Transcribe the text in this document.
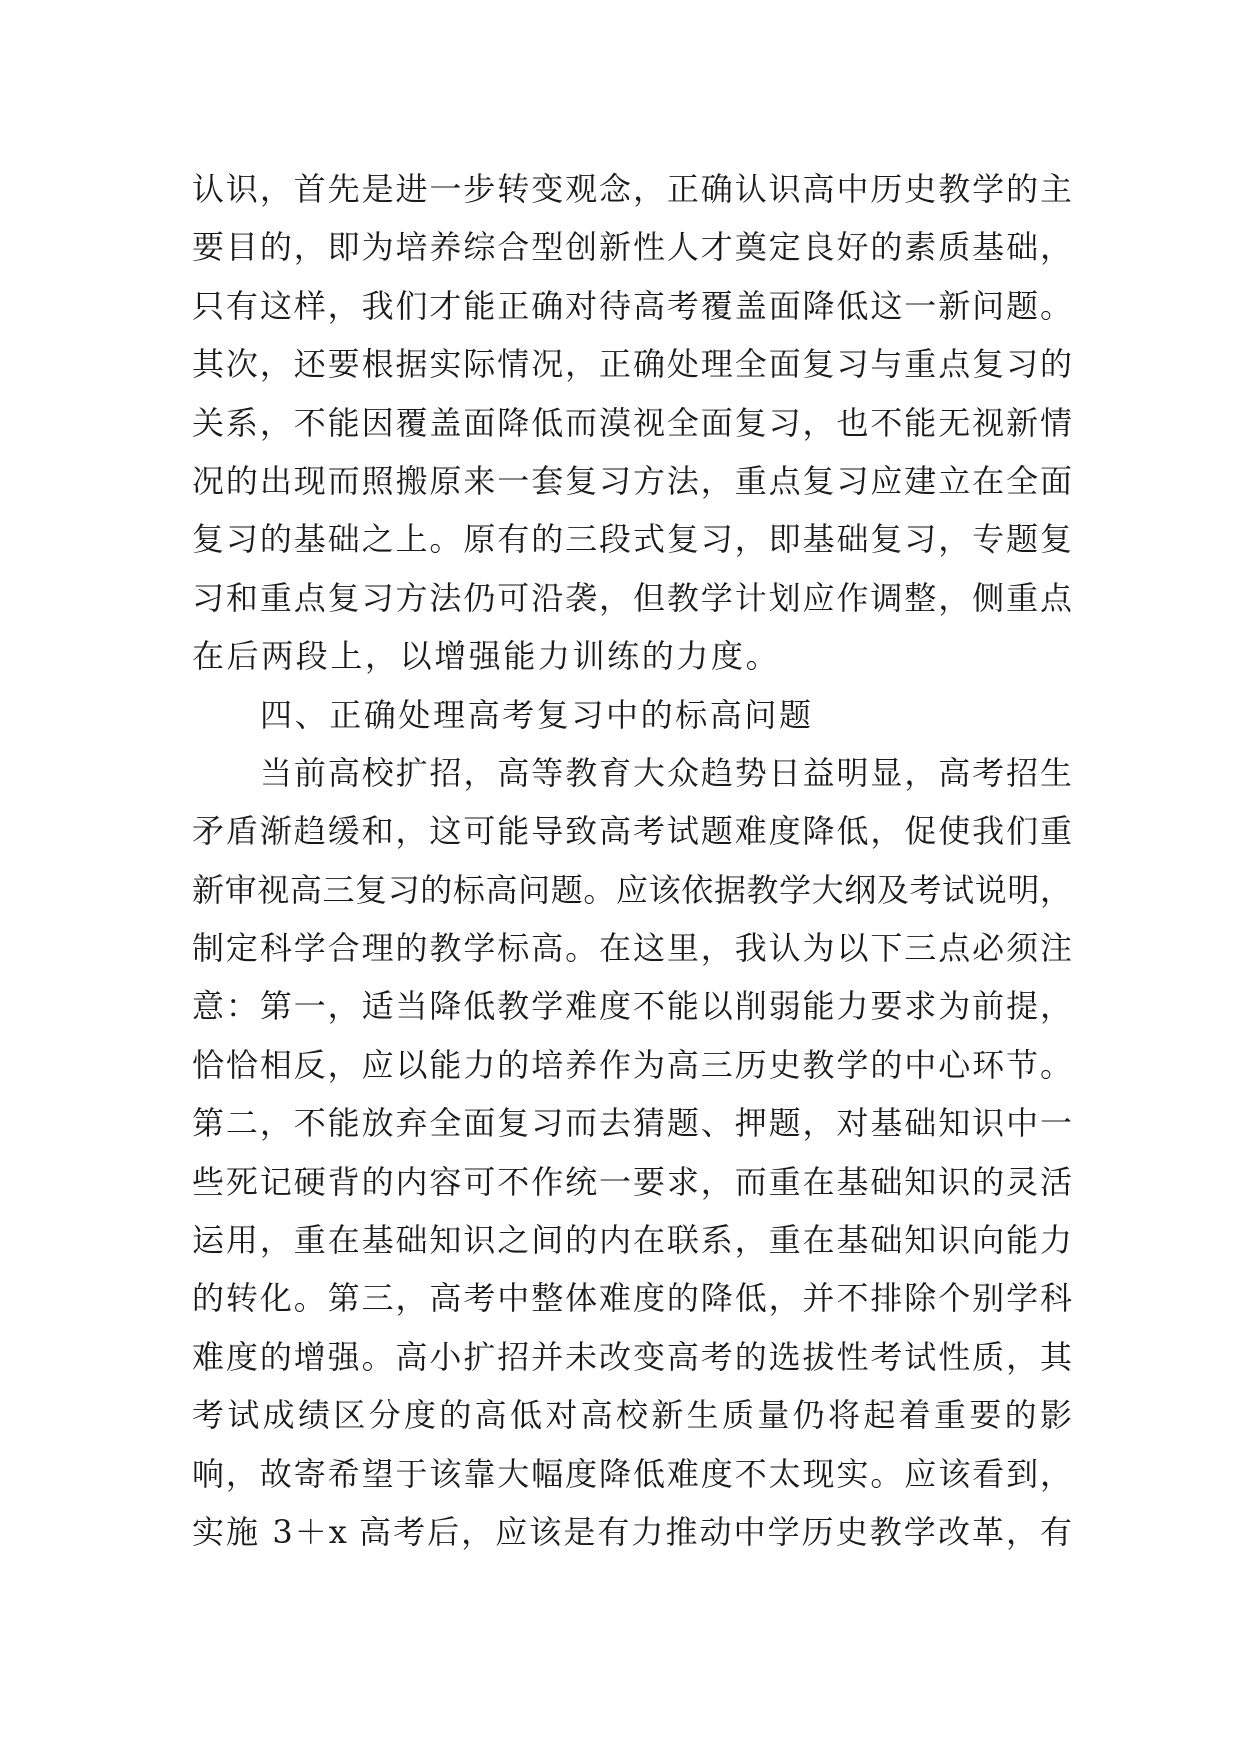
认识，首先是进一步转变观念，正确认识高中历史教学的主
要目的，即为培养综合型创新性人才奠定良好的素质基础，
只有这样，我们才能正确对待高考覆盖面降低这一新问题。
其次，还要根据实际情况，正确处理全面复习与重点复习的
关系，不能因覆盖面降低而漠视全面复习，也不能无视新情
况的出现而照搬原来一套复习方法，重点复习应建立在全面
复习的基础之上。原有的三段式复习，即基础复习，专题复
习和重点复习方法仍可沿袭，但教学计划应作调整，侧重点
在后两段上，以增强能力训练的力度。
四、正确处理高考复习中的标高问题
当前高校扩招，高等教育大众趋势日益明显，高考招生
矛盾渐趋缓和，这可能导致高考试题难度降低，促使我们重
新审视高三复习的标高问题。应该依据教学大纲及考试说明，
制定科学合理的教学标高。在这里，我认为以下三点必须注
意：第一，适当降低教学难度不能以削弱能力要求为前提，
恰恰相反，应以能力的培养作为高三历史教学的中心环节。
第二，不能放弃全面复习而去猜题、押题，对基础知识中一
些死记硬背的内容可不作统一要求，而重在基础知识的灵活
运用，重在基础知识之间的内在联系，重在基础知识向能力
的转化。第三，高考中整体难度的降低，并不排除个别学科
难度的增强。高小扩招并未改变高考的选拔性考试性质，其
考试成绩区分度的高低对高校新生质量仍将起着重要的影
响，故寄希望于该靠大幅度降低难度不太现实。应该看到，
实施 3＋x 高考后，应该是有力推动中学历史教学改革，有
